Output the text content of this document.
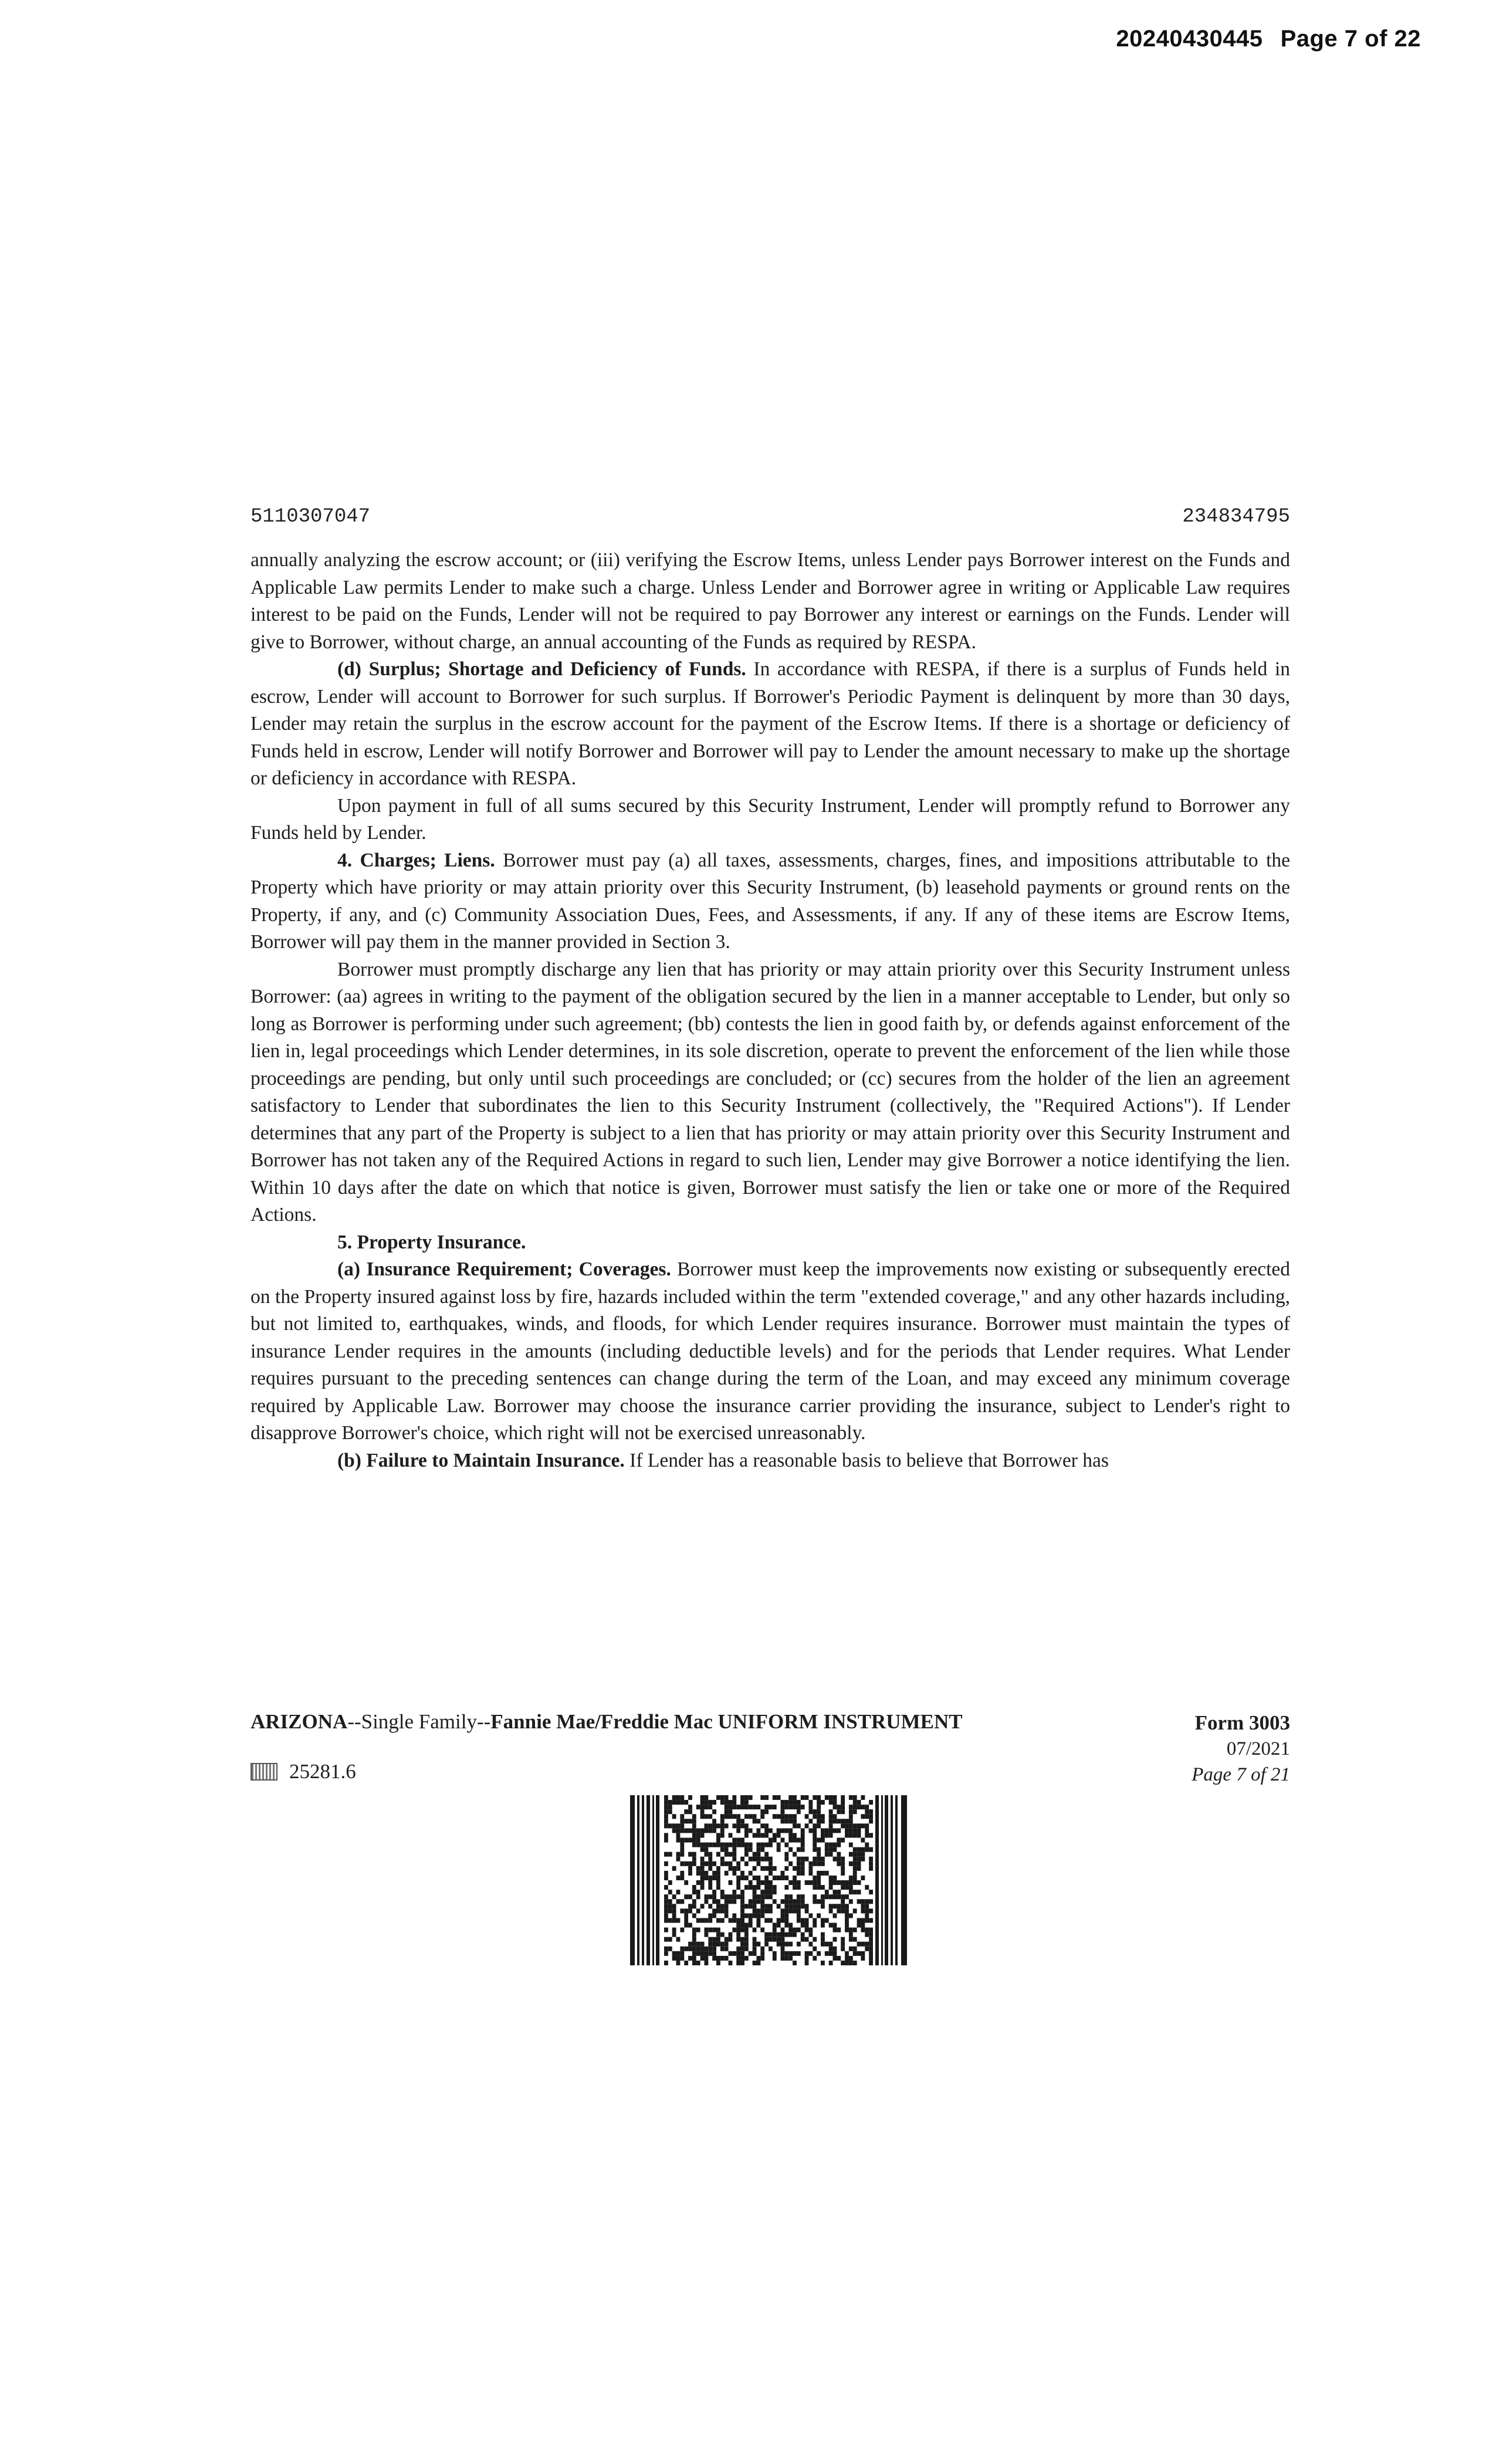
20240430445 Page 7 of 22
5110307047	234834795

annually analyzing the escrow account; or (iii) verifying the Escrow Items, unless Lender pays Borrower interest on the Funds and Applicable Law permits Lender to make such a charge. Unless Lender and Borrower agree in writing or Applicable Law requires interest to be paid on the Funds, Lender will not be required to pay Borrower any interest or earnings on the Funds. Lender will give to Borrower, without charge, an annual accounting of the Funds as required by RESPA.

(d) Surplus; Shortage and Deficiency of Funds. In accordance with RESPA, if there is a surplus of Funds held in escrow, Lender will account to Borrower for such surplus. If Borrower's Periodic Payment is delinquent by more than 30 days, Lender may retain the surplus in the escrow account for the payment of the Escrow Items. If there is a shortage or deficiency of Funds held in escrow, Lender will notify Borrower and Borrower will pay to Lender the amount necessary to make up the shortage or deficiency in accordance with RESPA.

Upon payment in full of all sums secured by this Security Instrument, Lender will promptly refund to Borrower any Funds held by Lender.

4. Charges; Liens. Borrower must pay (a) all taxes, assessments, charges, fines, and impositions attributable to the Property which have priority or may attain priority over this Security Instrument, (b) leasehold payments or ground rents on the Property, if any, and (c) Community Association Dues, Fees, and Assessments, if any. If any of these items are Escrow Items, Borrower will pay them in the manner provided in Section 3.

Borrower must promptly discharge any lien that has priority or may attain priority over this Security Instrument unless Borrower: (aa) agrees in writing to the payment of the obligation secured by the lien in a manner acceptable to Lender, but only so long as Borrower is performing under such agreement; (bb) contests the lien in good faith by, or defends against enforcement of the lien in, legal proceedings which Lender determines, in its sole discretion, operate to prevent the enforcement of the lien while those proceedings are pending, but only until such proceedings are concluded; or (cc) secures from the holder of the lien an agreement satisfactory to Lender that subordinates the lien to this Security Instrument (collectively, the "Required Actions"). If Lender determines that any part of the Property is subject to a lien that has priority or may attain priority over this Security Instrument and Borrower has not taken any of the Required Actions in regard to such lien, Lender may give Borrower a notice identifying the lien. Within 10 days after the date on which that notice is given, Borrower must satisfy the lien or take one or more of the Required Actions.

5. Property Insurance.

(a) Insurance Requirement; Coverages. Borrower must keep the improvements now existing or subsequently erected on the Property insured against loss by fire, hazards included within the term "extended coverage," and any other hazards including, but not limited to, earthquakes, winds, and floods, for which Lender requires insurance. Borrower must maintain the types of insurance Lender requires in the amounts (including deductible levels) and for the periods that Lender requires. What Lender requires pursuant to the preceding sentences can change during the term of the Loan, and may exceed any minimum coverage required by Applicable Law. Borrower may choose the insurance carrier providing the insurance, subject to Lender's right to disapprove Borrower's choice, which right will not be exercised unreasonably.

(b) Failure to Maintain Insurance. If Lender has a reasonable basis to believe that Borrower has

ARIZONA--Single Family--Fannie Mae/Freddie Mac UNIFORM INSTRUMENT	Form 3003
07/2021
Page 7 of 21
25281.6
